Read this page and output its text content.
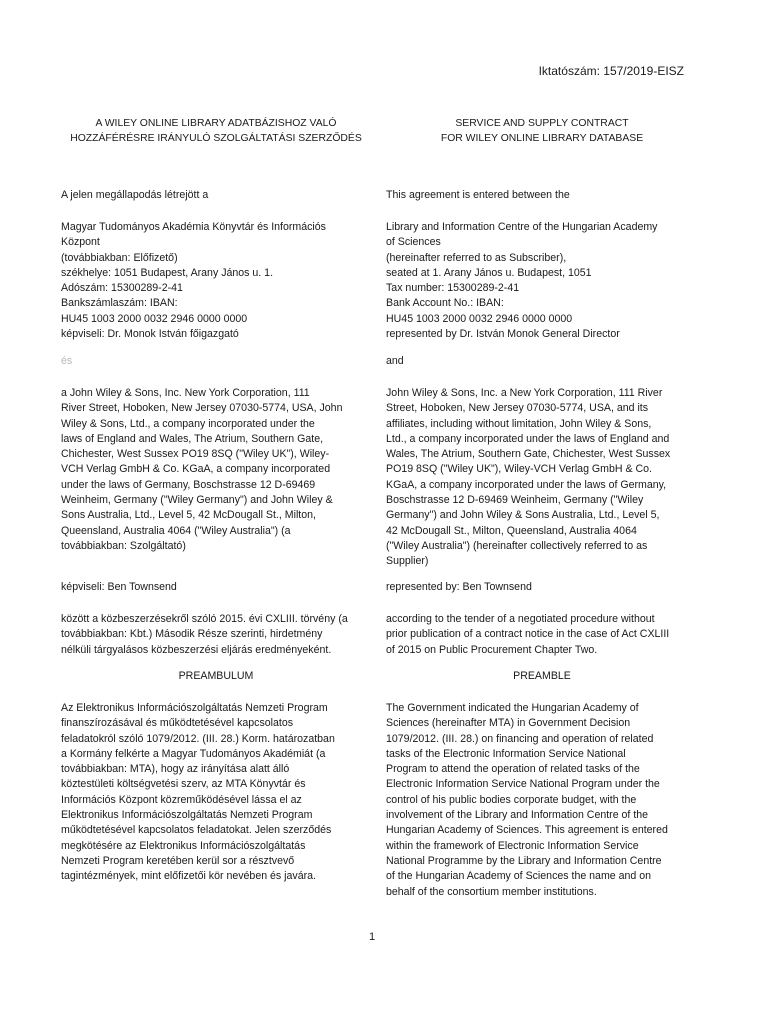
Iktatószám: 157/2019-EISZ
A WILEY ONLINE LIBRARY ADATBÁZISHOZ VALÓ
HOZZÁFÉRÉSRE IRÁNYULÓ SZOLGÁLTATÁSI SZERZŐDÉS
A jelen megállapodás létrejött a
Magyar Tudományos Akadémia Könyvtár és Információs
Központ
(továbbiakban: Előfizető)
székhelye: 1051 Budapest, Arany János u. 1.
Adószám: 15300289-2-41
Bankszámlaszám: IBAN:
HU45 1003 2000 0032 2946 0000 0000
képviseli: Dr. Monok István főigazgató
és
a John Wiley & Sons, Inc. New York Corporation, 111
River Street, Hoboken, New Jersey 07030-5774, USA, John
Wiley & Sons, Ltd., a company incorporated under the
laws of England and Wales, The Atrium, Southern Gate,
Chichester, West Sussex PO19 8SQ ("Wiley UK"), Wiley-
VCH Verlag GmbH & Co. KGaA, a company incorporated
under the laws of Germany, Boschstrasse 12 D-69469
Weinheim, Germany ("Wiley Germany") and John Wiley &
Sons Australia, Ltd., Level 5, 42 McDougall St., Milton,
Queensland, Australia 4064 ("Wiley Australia") (a
továbbiakban: Szolgáltató)
képviseli: Ben Townsend
között a közbeszerzésekről szóló 2015. évi CXLIII. törvény (a
továbbiakban: Kbt.) Második Része szerinti, hirdetmény
nélküli tárgyalásos közbeszerzési eljárás eredményeként.
PREAMBULUM
Az Elektronikus Információszolgáltatás Nemzeti Program
finanszírozásával és működtetésével kapcsolatos
feladatokról szóló 1079/2012. (III. 28.) Korm. határozatban
a Kormány felkérte a Magyar Tudományos Akadémiát (a
továbbiakban: MTA), hogy az irányítása alatt álló
köztestületi költségvetési szerv, az MTA Könyvtár és
Információs Központ közreműködésével lássa el az
Elektronikus Információszolgáltatás Nemzeti Program
működtetésével kapcsolatos feladatokat. Jelen szerződés
megkötésére az Elektronikus Információszolgáltatás
Nemzeti Program keretében kerül sor a résztvevő
tagintézmények, mint előfizetői kör nevében és javára.
SERVICE AND SUPPLY CONTRACT
FOR WILEY ONLINE LIBRARY DATABASE
This agreement is entered between the
Library and Information Centre of the Hungarian Academy
of Sciences
(hereinafter referred to as Subscriber),
seated at 1. Arany János u. Budapest, 1051
Tax number: 15300289-2-41
Bank Account No.: IBAN:
HU45 1003 2000 0032 2946 0000 0000
represented by Dr. István Monok General Director
and
John Wiley & Sons, Inc. a New York Corporation, 111 River
Street, Hoboken, New Jersey 07030-5774, USA, and its
affiliates, including without limitation, John Wiley & Sons,
Ltd., a company incorporated under the laws of England and
Wales, The Atrium, Southern Gate, Chichester, West Sussex
PO19 8SQ ("Wiley UK"), Wiley-VCH Verlag GmbH & Co.
KGaA, a company incorporated under the laws of Germany,
Boschstrasse 12 D-69469 Weinheim, Germany ("Wiley
Germany") and John Wiley & Sons Australia, Ltd., Level 5,
42 McDougall St., Milton, Queensland, Australia 4064
("Wiley Australia") (hereinafter collectively referred to as
Supplier)
represented by: Ben Townsend
according to the tender of a negotiated procedure without
prior publication of a contract notice in the case of Act CXLIII
of 2015 on Public Procurement Chapter Two.
PREAMBLE
The Government indicated the Hungarian Academy of
Sciences (hereinafter MTA) in Government Decision
1079/2012. (III. 28.) on financing and operation of related
tasks of the Electronic Information Service National
Program to attend the operation of related tasks of the
Electronic Information Service National Program under the
control of his public bodies corporate budget, with the
involvement of the Library and Information Centre of the
Hungarian Academy of Sciences. This agreement is entered
within the framework of Electronic Information Service
National Programme by the Library and Information Centre
of the Hungarian Academy of Sciences the name and on
behalf of the consortium member institutions.
1
